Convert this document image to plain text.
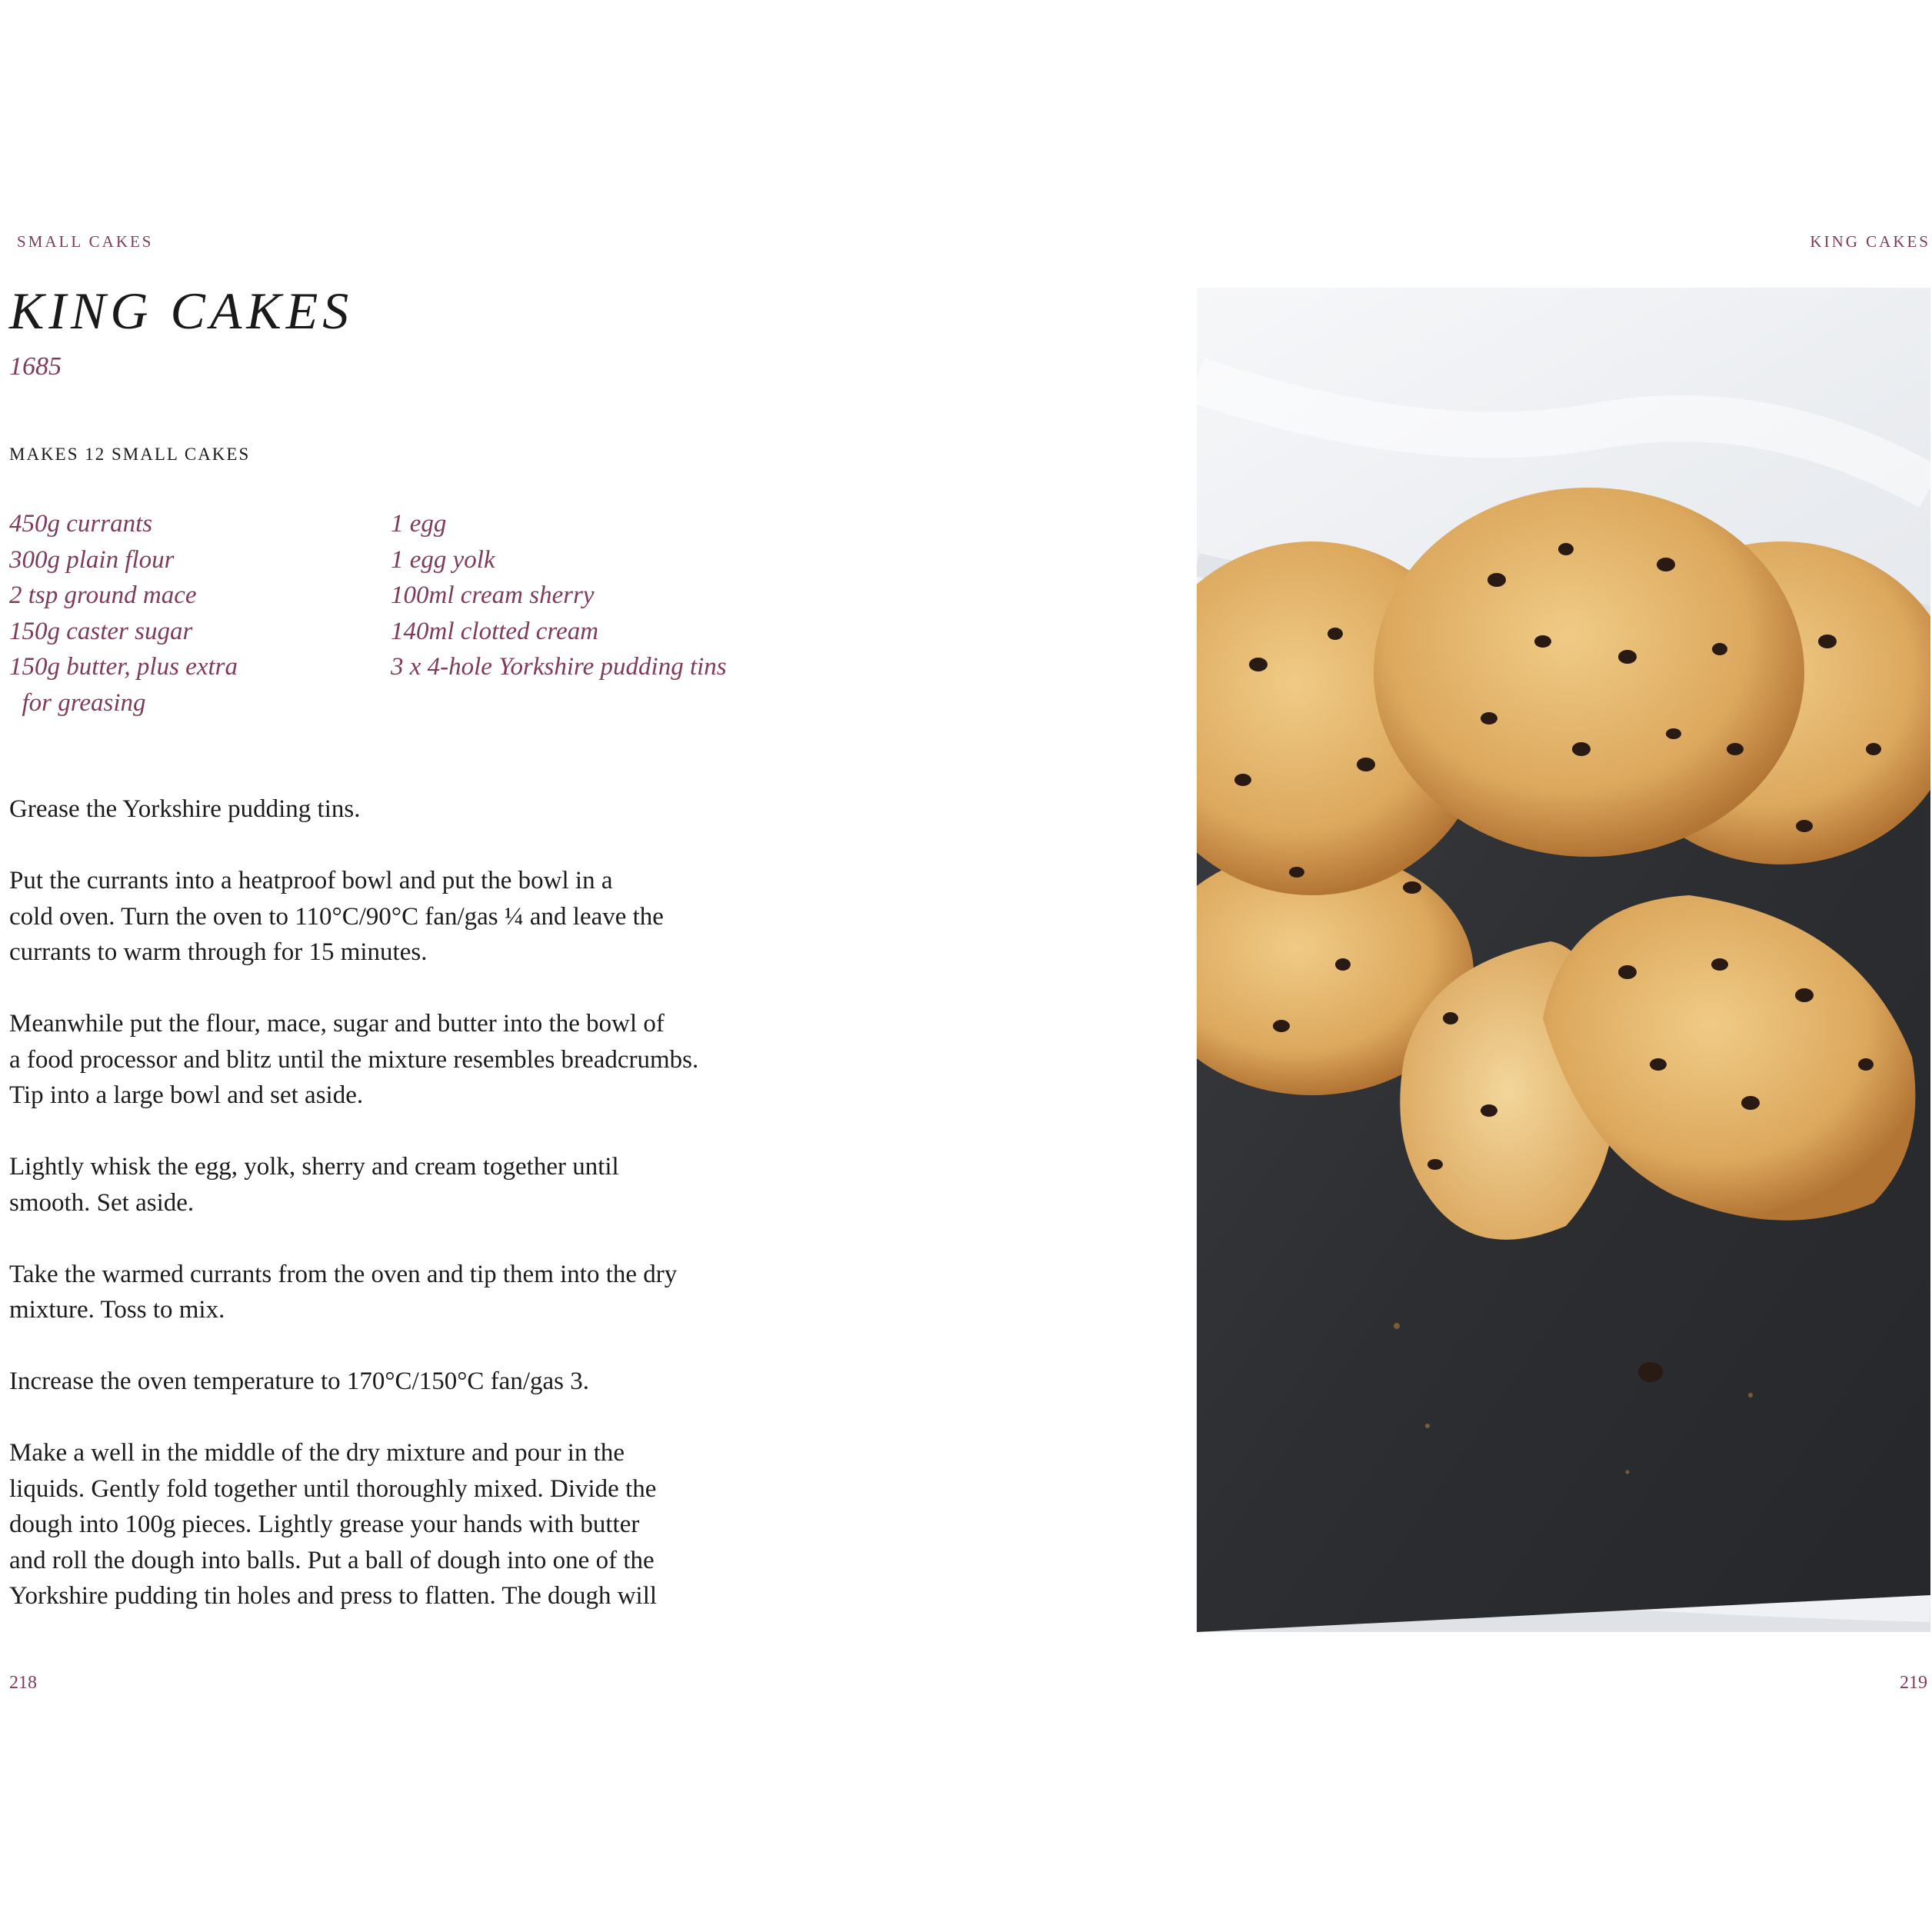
SMALL CAKES
KING CAKES
1685
MAKES 12 SMALL CAKES
450g currants
300g plain flour
2 tsp ground mace
150g caster sugar
150g butter, plus extra
for greasing
1 egg
1 egg yolk
100ml cream sherry
140ml clotted cream
3 x 4-hole Yorkshire pudding tins

Grease the Yorkshire pudding tins.

Put the currants into a heatproof bowl and put the bowl in a
cold oven. Turn the oven to 110°C/90°C fan/gas ¼ and leave the
currants to warm through for 15 minutes.

Meanwhile put the flour, mace, sugar and butter into the bowl of
a food processor and blitz until the mixture resembles breadcrumbs.
Tip into a large bowl and set aside.

Lightly whisk the egg, yolk, sherry and cream together until
smooth. Set aside.

Take the warmed currants from the oven and tip them into the dry
mixture. Toss to mix.

Increase the oven temperature to 170°C/150°C fan/gas 3.

Make a well in the middle of the dry mixture and pour in the
liquids. Gently fold together until thoroughly mixed. Divide the
dough into 100g pieces. Lightly grease your hands with butter
and roll the dough into balls. Put a ball of dough into one of the
Yorkshire pudding tin holes and press to flatten. The dough will

218
KING CAKES
219
